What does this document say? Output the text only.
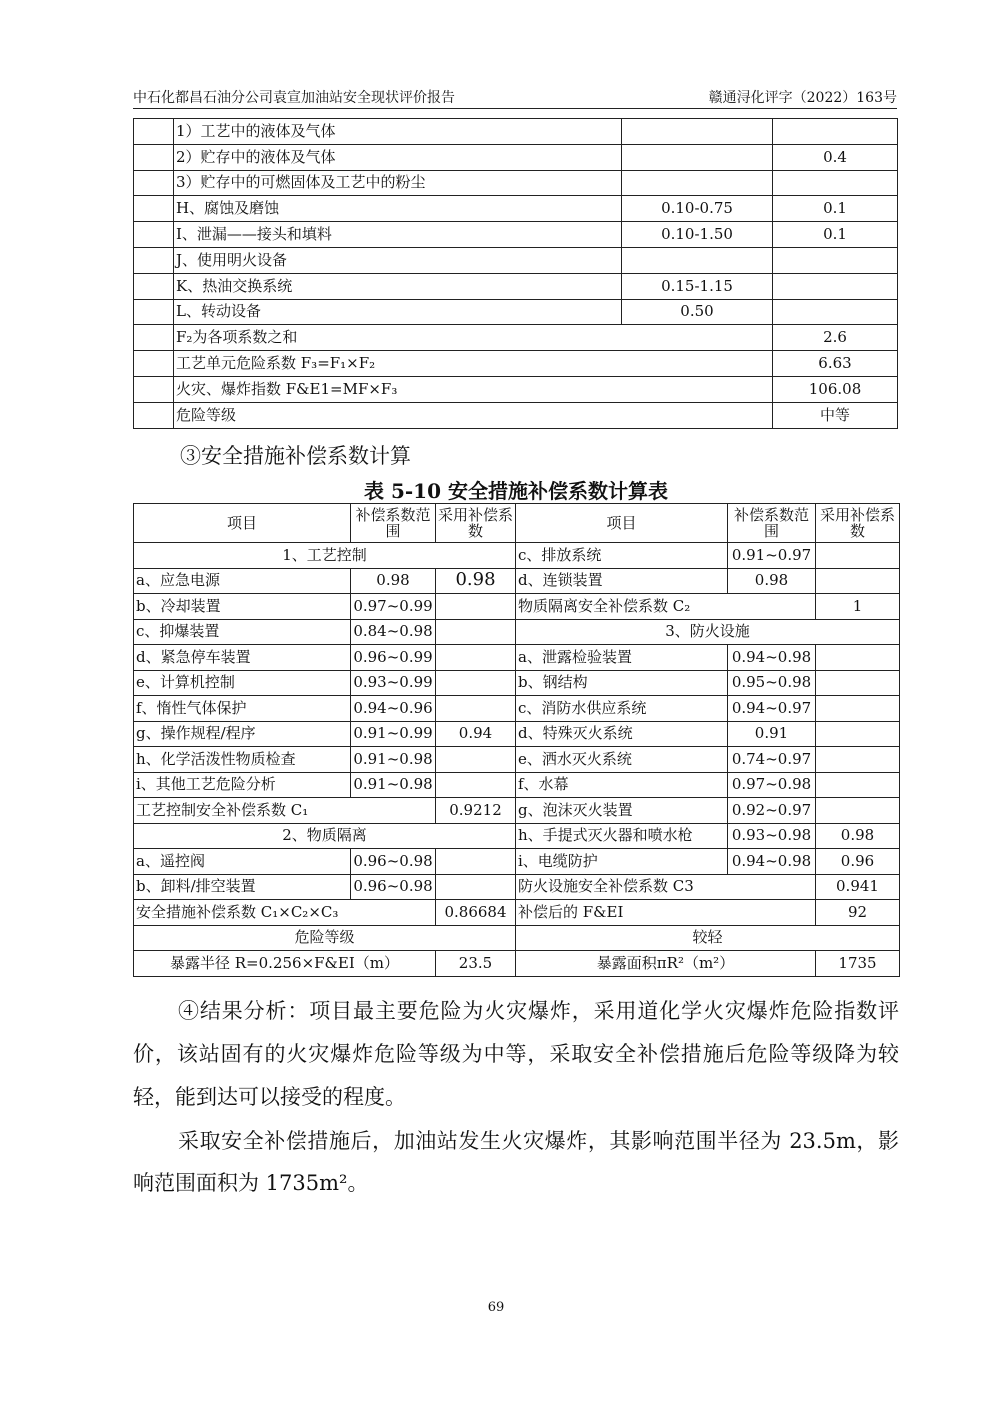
中石化都昌石油分公司袁宣加油站安全现状评价报告	赣通浔化评字（2022）163号
	1）工艺中的液体及气体		
	2）贮存中的液体及气体		0.4
	3）贮存中的可燃固体及工艺中的粉尘		
	H、腐蚀及磨蚀	0.10-0.75	0.1
	I、泄漏——接头和填料	0.10-1.50	0.1
	J、使用明火设备		
	K、热油交换系统	0.15-1.15	
	L、转动设备	0.50	
	F₂为各项系数之和		2.6
	工艺单元危险系数 F₃=F₁×F₂		6.63
	火灾、爆炸指数 F&E1=MF×F₃		106.08
	危险等级		中等
③安全措施补偿系数计算
表 5-10 安全措施补偿系数计算表
项目	补偿系数范围	采用补偿系数	项目	补偿系数范围	采用补偿系数
1、工艺控制			c、排放系统	0.91~0.97	
a、应急电源	0.98	0.98	d、连锁装置	0.98	
b、冷却装置	0.97~0.99		物质隔离安全补偿系数 C₂		1
c、抑爆装置	0.84~0.98		3、防火设施		
d、紧急停车装置	0.96~0.99		a、泄露检验装置	0.94~0.98	
e、计算机控制	0.93~0.99		b、钢结构	0.95~0.98	
f、惰性气体保护	0.94~0.96		c、消防水供应系统	0.94~0.97	
g、操作规程/程序	0.91~0.99	0.94	d、特殊灭火系统	0.91	
h、化学活泼性物质检查	0.91~0.98		e、洒水灭火系统	0.74~0.97	
i、其他工艺危险分析	0.91~0.98		f、水幕	0.97~0.98	
工艺控制安全补偿系数 C₁		0.9212	g、泡沫灭火装置	0.92~0.97	
2、物质隔离			h、手提式灭火器和喷水枪	0.93~0.98	0.98
a、遥控阀	0.96~0.98		i、电缆防护	0.94~0.98	0.96
b、卸料/排空装置	0.96~0.98		防火设施安全补偿系数 C3		0.941
安全措施补偿系数 C₁×C₂×C₃		0.86684	补偿后的 F&EI		92
危险等级			较轻		
暴露半径 R=0.256×F&EI（m）		23.5	暴露面积πR²（m²）		1735
④结果分析：项目最主要危险为火灾爆炸，采用道化学火灾爆炸危险指数评价，该站固有的火灾爆炸危险等级为中等，采取安全补偿措施后危险等级降为较轻，能到达可以接受的程度。
采取安全补偿措施后，加油站发生火灾爆炸，其影响范围半径为 23.5m，影响范围面积为 1735m²。
69
